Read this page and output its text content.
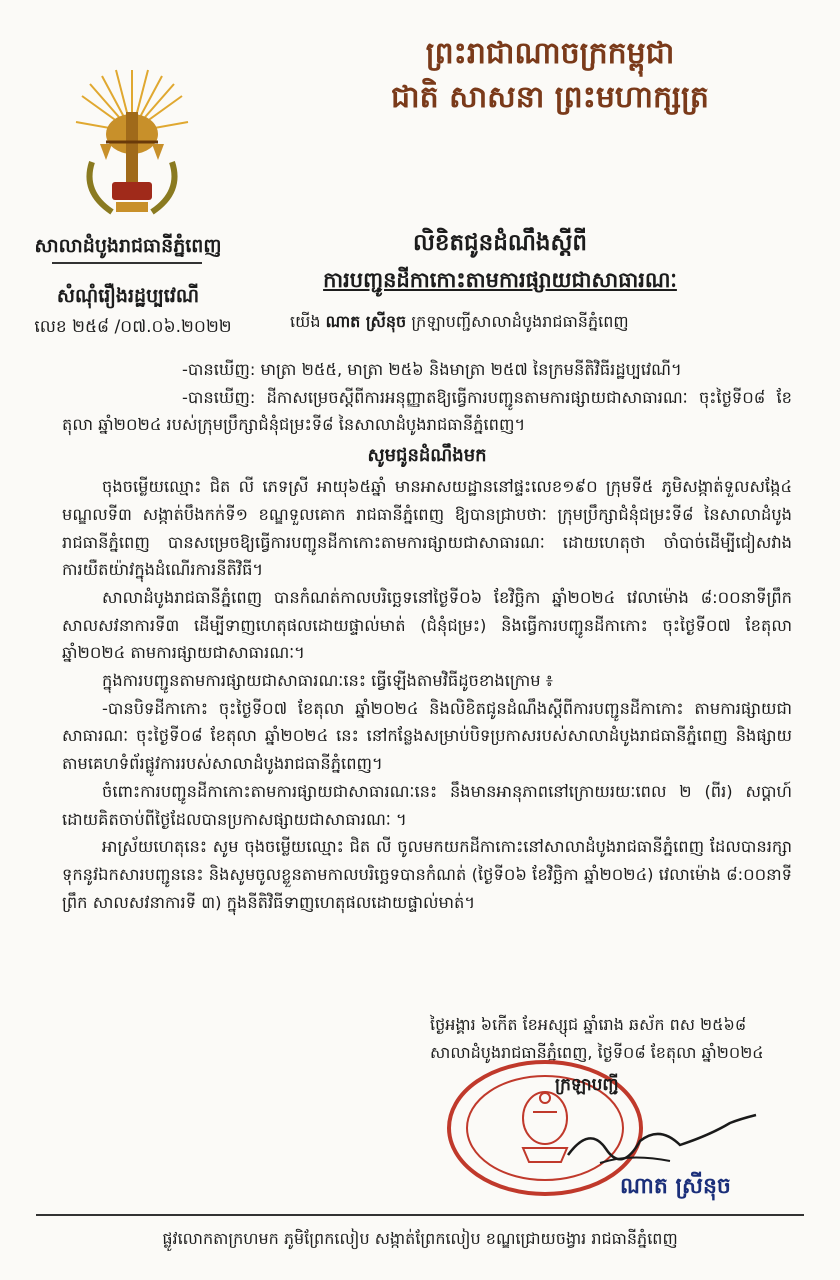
ព្រះរាជាណាចក្រកម្ពុជា
ជាតិ សាសនា ព្រះមហាក្សត្រ
សាលាដំបូងរាជធានីភ្នំពេញ
សំណុំរឿងរដ្ឋប្បវេណី
លេខ ២៥៨ /០៧.០៦.២០២២
លិខិតជូនដំណឹងស្តីពី
ការបញ្ជូនដីកាកោះតាមការផ្សាយជាសាធារណៈ
យើង ណាត ស្រីនុច ក្រឡាបញ្ជីសាលាដំបូងរាជធានីភ្នំពេញ

-បានឃើញ: មាត្រា ២៥៥, មាត្រា ២៥៦ និងមាត្រា ២៥៧ នៃក្រមនីតិវិធីរដ្ឋប្បវេណី។

-បានឃើញ: ដីកាសម្រេចស្តីពីការអនុញ្ញាតឱ្យធ្វើការបញ្ជូនតាមការផ្សាយជាសាធារណៈ ចុះថ្ងៃទី០៨ ខែតុលា ឆ្នាំ២០២៤ របស់ក្រុមប្រឹក្សាជំនុំជម្រះទី៨ នៃសាលាដំបូងរាជធានីភ្នំពេញ។

សូមជូនដំណឹងមក

ចុងចម្លើយឈ្មោះ ជិត លី ភេទស្រី អាយុ៦៥ឆ្នាំ មានអាសយដ្ឋាននៅផ្ទះលេខ១៩០ ក្រុមទី៥ ភូមិសង្កាត់ទួលសង្កែ៤ មណ្ឌលទី៣ សង្កាត់បឹងកក់ទី១ ខណ្ឌទួលគោក រាជធានីភ្នំពេញ ឱ្យបានជ្រាបថាៈ ក្រុមប្រឹក្សាជំនុំជម្រះទី៨ នៃសាលាដំបូងរាជធានីភ្នំពេញ បានសម្រេចឱ្យធ្វើការបញ្ជូនដីកាកោះតាមការផ្សាយជាសាធារណៈ ដោយហេតុថា ចាំបាច់ដើម្បីជៀសវាងការយឺតយ៉ាវក្នុងដំណើរការនីតិវិធី។

សាលាដំបូងរាជធានីភ្នំពេញ បានកំណត់កាលបរិច្ឆេទនៅថ្ងៃទី០៦ ខែវិច្ឆិកា ឆ្នាំ២០២៤ វេលាម៉ោង ៨:០០នាទីព្រឹក សាលសវនាការទី៣ ដើម្បីទាញហេតុផលដោយផ្ទាល់មាត់ (ជំនុំជម្រះ) និងធ្វើការបញ្ជូនដីកាកោះ ចុះថ្ងៃទី០៧ ខែតុលា ឆ្នាំ២០២៤ តាមការផ្សាយជាសាធារណៈ។

ក្នុងការបញ្ជូនតាមការផ្សាយជាសាធារណៈនេះ ធ្វើឡើងតាមវិធីដូចខាងក្រោម ៖

-បានបិទដីកាកោះ ចុះថ្ងៃទី០៧ ខែតុលា ឆ្នាំ២០២៤ និងលិខិតជូនដំណឹងស្តីពីការបញ្ជូនដីកាកោះ តាមការផ្សាយជាសាធារណៈ ចុះថ្ងៃទី០៨ ខែតុលា ឆ្នាំ២០២៤ នេះ នៅកន្លែងសម្រាប់បិទប្រកាសរបស់សាលាដំបូងរាជធានីភ្នំពេញ និងផ្សាយតាមគេហទំព័រផ្លូវការរបស់សាលាដំបូងរាជធានីភ្នំពេញ។

ចំពោះការបញ្ជូនដីកាកោះតាមការផ្សាយជាសាធារណៈនេះ នឹងមានអានុភាពនៅក្រោយរយៈពេល ២ (ពីរ) សប្តាហ៍ ដោយគិតចាប់ពីថ្ងៃដែលបានប្រកាសផ្សាយជាសាធារណៈ ។

អាស្រ័យហេតុនេះ សូម ចុងចម្លើយឈ្មោះ ជិត លី ចូលមកយកដីកាកោះនៅសាលាដំបូងរាជធានីភ្នំពេញ ដែលបានរក្សាទុកនូវឯកសារបញ្ជូននេះ និងសូមចូលខ្លួនតាមកាលបរិច្ឆេទបានកំណត់ (ថ្ងៃទី០៦ ខែវិច្ឆិកា ឆ្នាំ២០២៤) វេលាម៉ោង ៨:០០នាទីព្រឹក សាលសវនាការទី ៣) ក្នុងនីតិវិធីទាញហេតុផលដោយផ្ទាល់មាត់។

ថ្ងៃអង្គារ ៦កើត ខែអស្សុជ ឆ្នាំរោង ឆស័ក ពស ២៥៦៨
សាលាដំបូងរាជធានីភ្នំពេញ, ថ្ងៃទី០៨ ខែតុលា ឆ្នាំ២០២៤
ក្រឡាបញ្ជី
ណាត ស្រីនុច
ផ្លូវលោកតាក្រហមក ភូមិព្រែកលៀប សង្កាត់ព្រែកលៀប ខណ្ឌជ្រោយចង្វារ រាជធានីភ្នំពេញ
